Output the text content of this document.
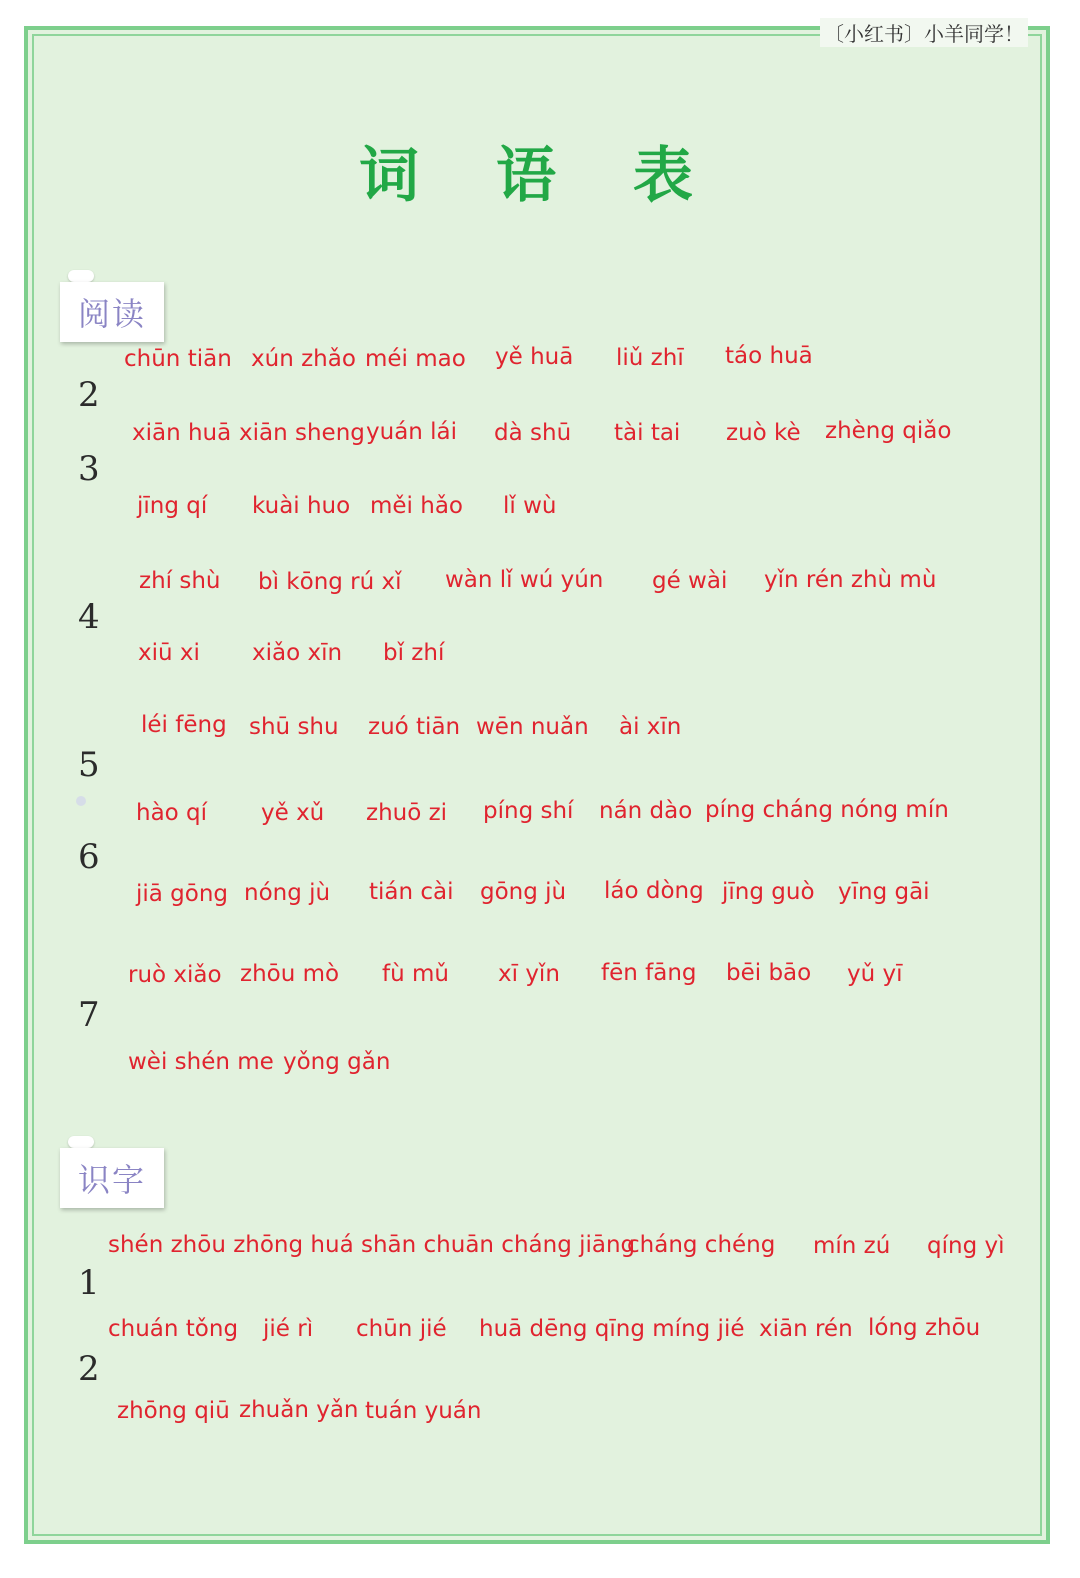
〔小红书〕小羊同学！
词 语 表
阅读
2
3
4
5
6
7
chūn tiān xún zhǎo méi mao yě huā liǔ zhī táo huā
xiān huā xiān sheng yuán lái dà shū tài tai zuò kè zhèng qiǎo
jīng qí kuài huo měi hǎo lǐ wù
zhí shù bì kōng rú xǐ wàn lǐ wú yún gé wài yǐn rén zhù mù
xiū xi xiǎo xīn bǐ zhí
léi fēng shū shu zuó tiān wēn nuǎn ài xīn
hào qí yě xǔ zhuō zi píng shí nán dào píng cháng nóng mín
jiā gōng nóng jù tián cài gōng jù láo dòng jīng guò yīng gāi
ruò xiǎo zhōu mò fù mǔ xī yǐn fēn fāng bēi bāo yǔ yī
wèi shén me yǒng gǎn
识字
1
2
shén zhōu zhōng huá shān chuān cháng jiāng
cháng chéng mín zú qíng yì
chuán tǒng jié rì chūn jié huā dēng qīng míng jié xiān rén lóng zhōu
zhōng qiū zhuǎn yǎn tuán yuán
